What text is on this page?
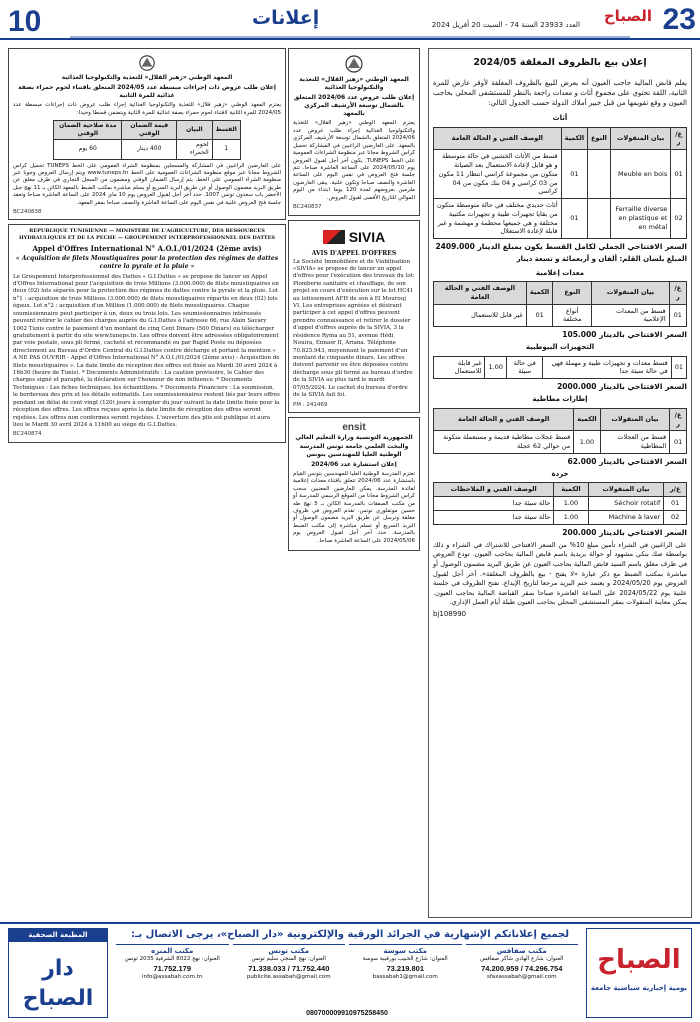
10	إعلانات	23
الصباح
العدد 23933 السنة 74 - السبت 20 أفريل 2024
إعلان بيع بالظروف المغلقة 2024/05
يعلم قابض المالية حاجب العيون أنه يعرض للبيع بالظروف المغلقة لأوفر عارض للمرة الثانية، اللقة تحتوي على مجموع أثاث و معدات راجعة بالنظر للمستشفى المحلي بحاجب العيون و وقع تقويمها من قبل خبير أملاك الدولة حسب الجدول التالي:
أثاث
ع/ر	بيان المنقولات	النوع	الكمية	الوصف الفني و الحالة العامة
01	Meuble en bois		01	قسط من الأثاث الخشبي في حالة متوسطة و هو قابل لإعادة الاستعمال بعد الصيانة متكون من مجموعة كراسي انتظار 11 مكون من 03 كراسي و 04 بنك مكون من 04 كراسي
02	Ferraille diverse en plastique et en métal		01	أثاث حديدي مختلف في حالة متوسطة متكون من بقايا تجهيزات طبية و تجهيزات مكتبية مختلفة و هي جميعها محطمة و مهشمة و غير قابلة لإعادة الاستغلال
السعر الافتتاحي الجملي لكامل القسط يكون بمبلغ الدينار 2409.000
المبلغ بلسان القلم: ألفان و أربعمائة و تسعة دينار
معدات إعلامية
ع/ر	بيان المنقولات	النوع	الكمية	الوصف الفني و الحالة العامة
01	قسط من المعدات الإعلامية	أنواع مختلفة	01	غير قابل للاستعمال
السعر الافتتاحي بالدينار 105.000
التجهيزات البيوطبية
01	قسط معدات و تجهيزات طبية و مهملة فهي في حالة سيئة جدا	في حالة سيئة	1.00	غير قابلة للاستعمال
السعر الافتتاحي بالدينار 2000.000
إطارات مطاطية
ع/ر	بيان المنقولات	الكمية	الوصف الفني و الحالة العامة
01	قسط من العجلات المطاطية	1.00	قسط عجلات مطاطية قديمة و مستعملة متكونة من حوالي 62 عجلة
السعر الافتتاحي بالدينار 62.000
خردة
ع/ر	بيان المنقولات	الكمية	الوصف الفني و الملاحظات
01	Séchoir rotatif	1.00	حالة سيئة جدا
02	Machine à laver	1.00	حالة سيئة جدا
السعر الافتتاحي بالدينار 200.000
على الراغبين في الشراء تأمين مبلغ 10% من السعر الافتتاحي للاشتراك في الشراء و ذلك بواسطة صك بنكي مشهود أو حوالة بريدية باسم قابض المالية بحاجب العيون. تودع العروض في ظرف مغلق باسم السيد قابض المالية بحاجب العيون عن طريق البريد مضمون الوصول أو مباشرة بمكتب الضبط مع ذكر عبارة «لا يفتح - بيع بالظروف المغلقة». آخر أجل لقبول العروض يوم 2024/05/20 و يعتمد ختم البريد مرجعا لتاريخ الإيداع. تفتح الظروف في جلسة علنية يوم 2024/05/22 على الساعة العاشرة صباحا بمقر القباضة المالية بحاجب العيون. يمكن معاينة المنقولات بمقر المستشفى المحلي بحاجب العيون طيلة أيام العمل الإداري.
bj108990
المعهد الوطني «زهير القلال» للتغذية والتكنولوجيا الغذائية
إعلان طلب عروض عدد 2024/06 المتعلق بالشمال توسعة الأرشيف المركزي بالمعهد
يعتزم المعهد الوطني «زهير القلال» للتغذية والتكنولوجيا الغذائية إجراء طلب عروض عدد 2024/06 المتعلق بالشمال توسعة الأرشيف المركزي بالمعهد. على العارضين الراغبين في المشاركة تحميل كراس الشروط مجانا عبر منظومة الشراءات العمومية على الخط TUNEPS. يكون آخر أجل لقبول العروض يوم 2024/05/10 على الساعة العاشرة صباحا. تتم جلسة فتح العروض في نفس اليوم على الساعة العاشرة والنصف صباحا وتكون علنية. يبقى العارضون ملزمين بعروضهم لمدة 120 يوما ابتداء من اليوم الموالي للتاريخ الأقصى لقبول العروض.
BC240837
SIVIA
AVIS D'APPEL D'OFFRES
La Société Immobilière et de Viabilisation «SIVIA» se propose de lancer un appel d'offres pour l'exécution des travaux du lot: Plomberie sanitaire et chauffage, de son projet en cours d'exécution sur le lot HC41 au lotissement AFH de son à El Mourouj VI. Les entreprises agréées et désirant participer à cet appel d'offres peuvent prendre connaissance et retirer le dossier d'appel d'offres auprès de la SIVIA, 3 la résidence Ryma au 51, avenue Hédi Nouira, Ennasr II, Ariana. Téléphone 70.825.943, moyennant le paiement d'un montant de cinquante dinars. Les offres doivent parvenir ou être déposées contre décharge sous pli fermé au bureau d'ordre de la SIVIA au plus tard le mardi 07/05/2024. Le cachet du bureau d'ordre de la SIVIA fait foi.
PM : 241469
ensit
الجمهورية التونسية وزارة التعليم العالي والبحث العلمي جامعة تونس المدرسة الوطنية العليا للمهندسين بتونس
إعلان استشارة عدد 2024/06
تعتزم المدرسة الوطنية العليا للمهندسين بتونس القيام باستشارة عدد 2024/06 تتعلق باقتناء معدات إعلامية لفائدة المدرسة. يمكن للعارضين المعنيين سحب كراس الشروط مجانا من الموقع الرسمي للمدرسة أو من مكتب الصفقات بالمدرسة الكائن بـ 5 نهج طه حسين مونفلوري تونس. تقدم العروض في ظروف مغلقة وترسل عن طريق البريد مضمون الوصول أو البريد السريع أو تسلم مباشرة إلى مكتب الضبط بالمدرسة. حدد آخر أجل لقبول العروض يوم 2024/05/06 على الساعة العاشرة صباحا.
المعهد الوطني «زهير القلال» للتغذية والتكنولوجيا الغذائية
إعلان طلب عروض ذات إجراءات مبسطة عدد 2024/05 المتعلق باقتناء لحوم حمراء بصفة غذائية للمرة الثانية
يعتزم المعهد الوطني «زهير قلال» للتغذية والتكنولوجيا الغذائية إجراء طلب عروض ذات إجراءات مبسطة عدد 2024/05 للمرة الثانية لاقتناء لحوم حمراء بصفة غذائية للمرة الثانية ويتضمن قسطا وحيدا:
القسط	البيان	قيمة الضمان الوقتي	مدة صلاحية الضمان الوقتي
1	لحوم الحمراء	400 دينار	60 يوم
على العارضين الراغبين في المشاركة والمسجلين بمنظومة الشراء العمومي على الخط TUNEPS تحميل كراس الشروط مجانا عبر موقع منظومة الشراءات العمومية على الخط www.tuneps.tn ويتم إرسال العروض وجوبا عبر منظومة الشراء العمومي على الخط. يتم إرسال الضمان الوقتي ومضمون من السجل التجاري في ظرف مغلق عن طريق البريد مضمون الوصول أو عن طريق البريد السريع أو يسلم مباشرة بمكتب الضبط بالمعهد الكائن بـ 11 نهج جبل الأخضر باب سعدون تونس 1007. حدد آخر أجل لقبول العروض يوم 10 ماي 2024 على الساعة العاشرة صباحا وتعقد جلسة فتح العروض علنية في نفس اليوم على الساعة العاشرة والنصف صباحا بمقر المعهد.
BC240838
REPUBLIQUE TUNISIENNE — MINISTERE DE L'AGRICULTURE, DES RESSOURCES HYDRAULIQUES ET DE LA PECHE — GROUPEMENT INTERPROFESSIONNEL DES DATTES
Appel d'Offres International N° A.O.I./01/2024 (2ème avis)
« Acquisition de filets Moustiquaires pour la protection des régimes de dattes contre la pyrale et la pluie »
Le Groupement Interprofessionnel des Dattes « G.I.Dattes » se propose de lancer un Appel d'Offres International pour l'acquisition de trois Millions (3.000.000) de filets moustiquaires en deux (02) lots séparés pour la protection des régimes de dattes contre la pyrale et la pluie. Lot n°1 : acquisition de trois Millions (3.000.000) de filets moustiquaires répartis en deux (02) lots égaux. Lot n°2 : acquisition d'un Million (1.000.000) de filets moustiquaires. Chaque soumissionnaire peut participer à un, deux ou trois lots. Les soumissionnaires intéressés peuvent retirer le cahier des charges auprès du G.I.Dattes à l'adresse 66, rue Alain Savary 1002 Tunis contre le paiement d'un montant de cinq Cent Dinars (500 Dinars) ou télécharger gratuitement à partir du site www.tuneps.tn. Les offres doivent être adressées obligatoirement par voie postale, sous pli fermé, cacheté et recommandé ou par Rapid Poste ou déposées directement au Bureau d'Ordre Central du G.I.Dattes contre décharge et portant la mention « A NE PAS OUVRIR - Appel d'Offres International N° A.O.I./01/2024 (2ème avis) - Acquisition de filets moustiquaires ». La date limite de réception des offres est fixée au Mardi 30 avril 2024 à 16h30 (heure de Tunis). * Documents Administratifs : La caution provisoire, le Cahier des charges signé et paraphé, la déclaration sur l'honneur de non influence. * Documents Techniques : Les fiches techniques, les échantillons. * Documents Financiers : La soumission, le bordereau des prix et les détails estimatifs. Les soumissionnaires restent liés par leurs offres pendant un délai de cent vingt (120) jours à compter du jour suivant la date limite fixée pour la réception des offres. Les offres reçues après la date limite de réception des offres seront rejetées. Les offres non conformes seront rejetées. L'ouverture des plis est publique et aura lieu le Mardi 30 avril 2024 à 11h00 au siège du G.I.Dattes.
BC240874
لجميع إعلاناتكم الإشهارية في الجرائد الورقية والإلكترونية «دار الصباح»، يرجى الاتصال بـ:
المطبعة الصحفية
دار الصباح
الصباح
يومية إخبارية سياسية جامعة
مكتب صفاقس
العنوان: شارع الهادي شاكر صفاقس
74.200.959 / 74.296.754
sfaxassabah@gmail.com
مكتب سوسة
العنوان: شارع الحبيب بورقيبة سوسة
73.219.801
bassabah1@gmail.com
مكتب تونس
العنوان: نهج المنجي سليم تونس
71.338.033 / 71.752.440
publicite.assabah@gmail.com
مكتب المنزه
العنوان: نهج 8022 الشرقية 2035 تونس
71.752.179
info@assabah.com.tn
080700009910975258450
